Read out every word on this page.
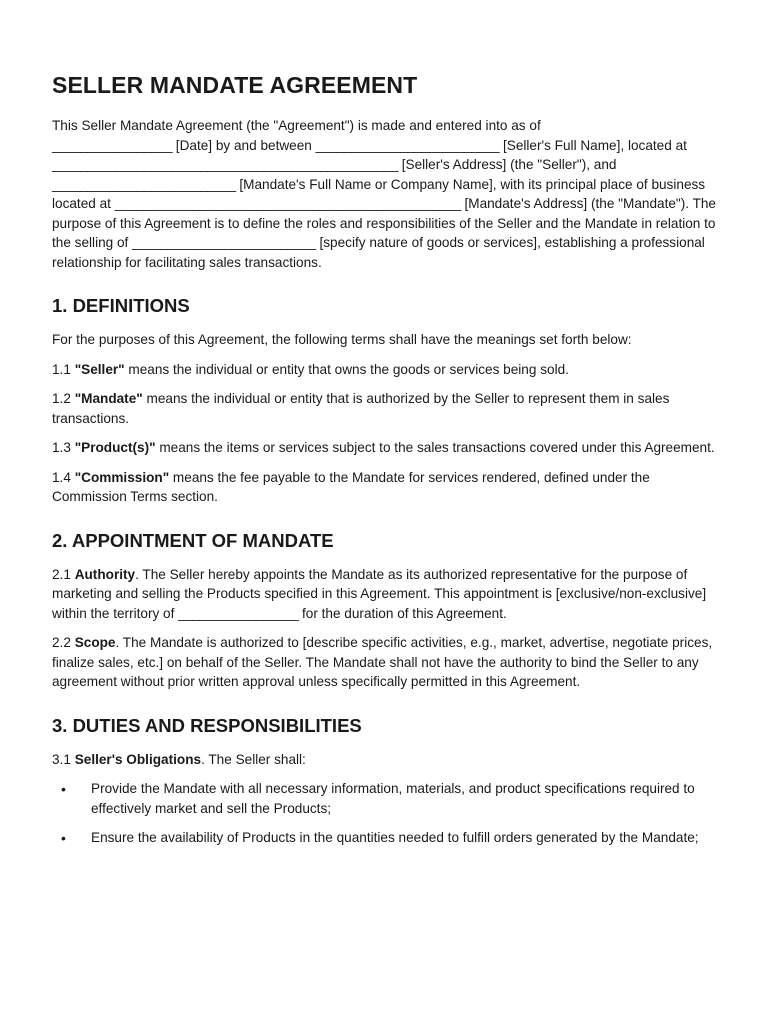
SELLER MANDATE AGREEMENT

This Seller Mandate Agreement (the "Agreement") is made and entered into as of
_________________ [Date] by and between __________________________ [Seller's Full Name], located at _________________________________________________ [Seller's Address] (the "Seller"), and __________________________ [Mandate's Full Name or Company Name], with its principal place of business located at _________________________________________________ [Mandate's Address] (the "Mandate"). The purpose of this Agreement is to define the roles and responsibilities of the Seller and the Mandate in relation to the selling of __________________________ [specify nature of goods or services], establishing a professional relationship for facilitating sales transactions.

1. DEFINITIONS

For the purposes of this Agreement, the following terms shall have the meanings set forth below:

1.1 "Seller" means the individual or entity that owns the goods or services being sold.

1.2 "Mandate" means the individual or entity that is authorized by the Seller to represent them in sales transactions.

1.3 "Product(s)" means the items or services subject to the sales transactions covered under this Agreement.

1.4 "Commission" means the fee payable to the Mandate for services rendered, defined under the Commission Terms section.

2. APPOINTMENT OF MANDATE

2.1 Authority. The Seller hereby appoints the Mandate as its authorized representative for the purpose of marketing and selling the Products specified in this Agreement. This appointment is [exclusive/non-exclusive] within the territory of _________________ for the duration of this Agreement.

2.2 Scope. The Mandate is authorized to [describe specific activities, e.g., market, advertise, negotiate prices, finalize sales, etc.] on behalf of the Seller. The Mandate shall not have the authority to bind the Seller to any agreement without prior written approval unless specifically permitted in this Agreement.

3. DUTIES AND RESPONSIBILITIES

3.1 Seller's Obligations. The Seller shall:

• Provide the Mandate with all necessary information, materials, and product specifications required to effectively market and sell the Products;
• Ensure the availability of Products in the quantities needed to fulfill orders generated by the Mandate;
